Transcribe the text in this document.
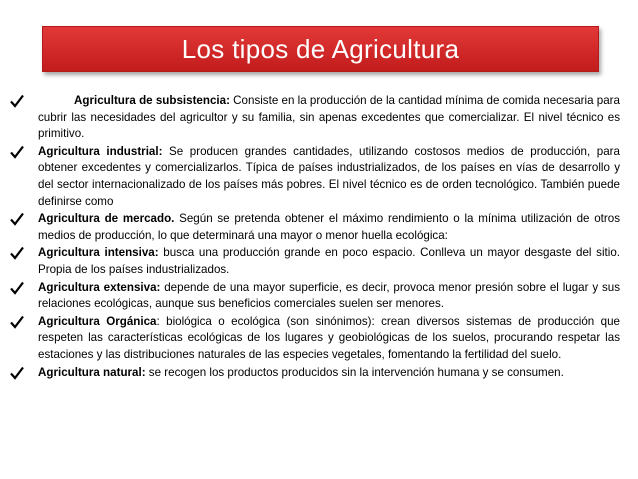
Los tipos de Agricultura
Agricultura de subsistencia: Consiste en la producción de la cantidad mínima de comida necesaria para cubrir las necesidades del agricultor y su familia, sin apenas excedentes que comercializar. El nivel técnico es primitivo.
Agricultura industrial: Se producen grandes cantidades, utilizando costosos medios de producción, para obtener excedentes y comercializarlos. Típica de países industrializados, de los países en vías de desarrollo y del sector internacionalizado de los países más pobres. El nivel técnico es de orden tecnológico. También puede definirse como
Agricultura de mercado. Según se pretenda obtener el máximo rendimiento o la mínima utilización de otros medios de producción, lo que determinará una mayor o menor huella ecológica:
Agricultura intensiva: busca una producción grande en poco espacio. Conlleva un mayor desgaste del sitio. Propia de los países industrializados.
Agricultura extensiva: depende de una mayor superficie, es decir, provoca menor presión sobre el lugar y sus relaciones ecológicas, aunque sus beneficios comerciales suelen ser menores.
Agricultura Orgánica: biológica o ecológica (son sinónimos): crean diversos sistemas de producción que respeten las características ecológicas de los lugares y geobiológicas de los suelos, procurando respetar las estaciones y las distribuciones naturales de las especies vegetales, fomentando la fertilidad del suelo.
Agricultura natural: se recogen los productos producidos sin la intervención humana y se consumen.
